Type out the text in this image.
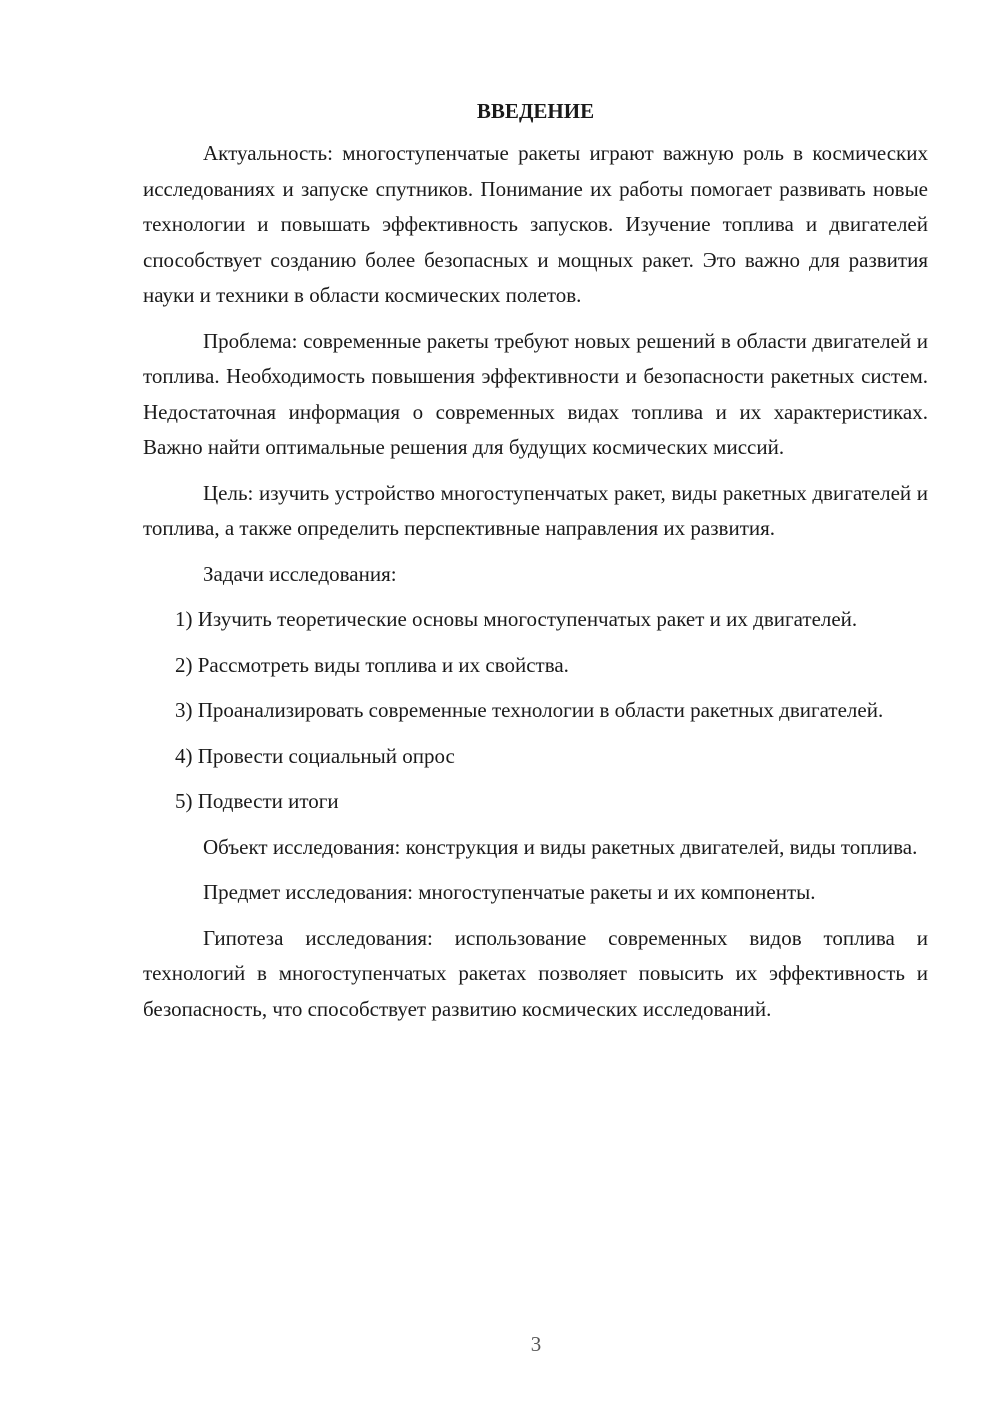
ВВЕДЕНИЕ

Актуальность: многоступенчатые ракеты играют важную роль в космических исследованиях и запуске спутников. Понимание их работы помогает развивать новые технологии и повышать эффективность запусков. Изучение топлива и двигателей способствует созданию более безопасных и мощных ракет. Это важно для развития науки и техники в области космических полетов.

Проблема: современные ракеты требуют новых решений в области двигателей и топлива. Необходимость повышения эффективности и безопасности ракетных систем. Недостаточная информация о современных видах топлива и их характеристиках. Важно найти оптимальные решения для будущих космических миссий.

Цель: изучить устройство многоступенчатых ракет, виды ракетных двигателей и топлива, а также определить перспективные направления их развития.

Задачи исследования:

1) Изучить теоретические основы многоступенчатых ракет и их двигателей.

2) Рассмотреть виды топлива и их свойства.

3) Проанализировать современные технологии в области ракетных двигателей.

4) Провести социальный опрос

5) Подвести итоги

Объект исследования: конструкция и виды ракетных двигателей, виды топлива.

Предмет исследования: многоступенчатые ракеты и их компоненты.

Гипотеза исследования: использование современных видов топлива и технологий в многоступенчатых ракетах позволяет повысить их эффективность и безопасность, что способствует развитию космических исследований.

3
